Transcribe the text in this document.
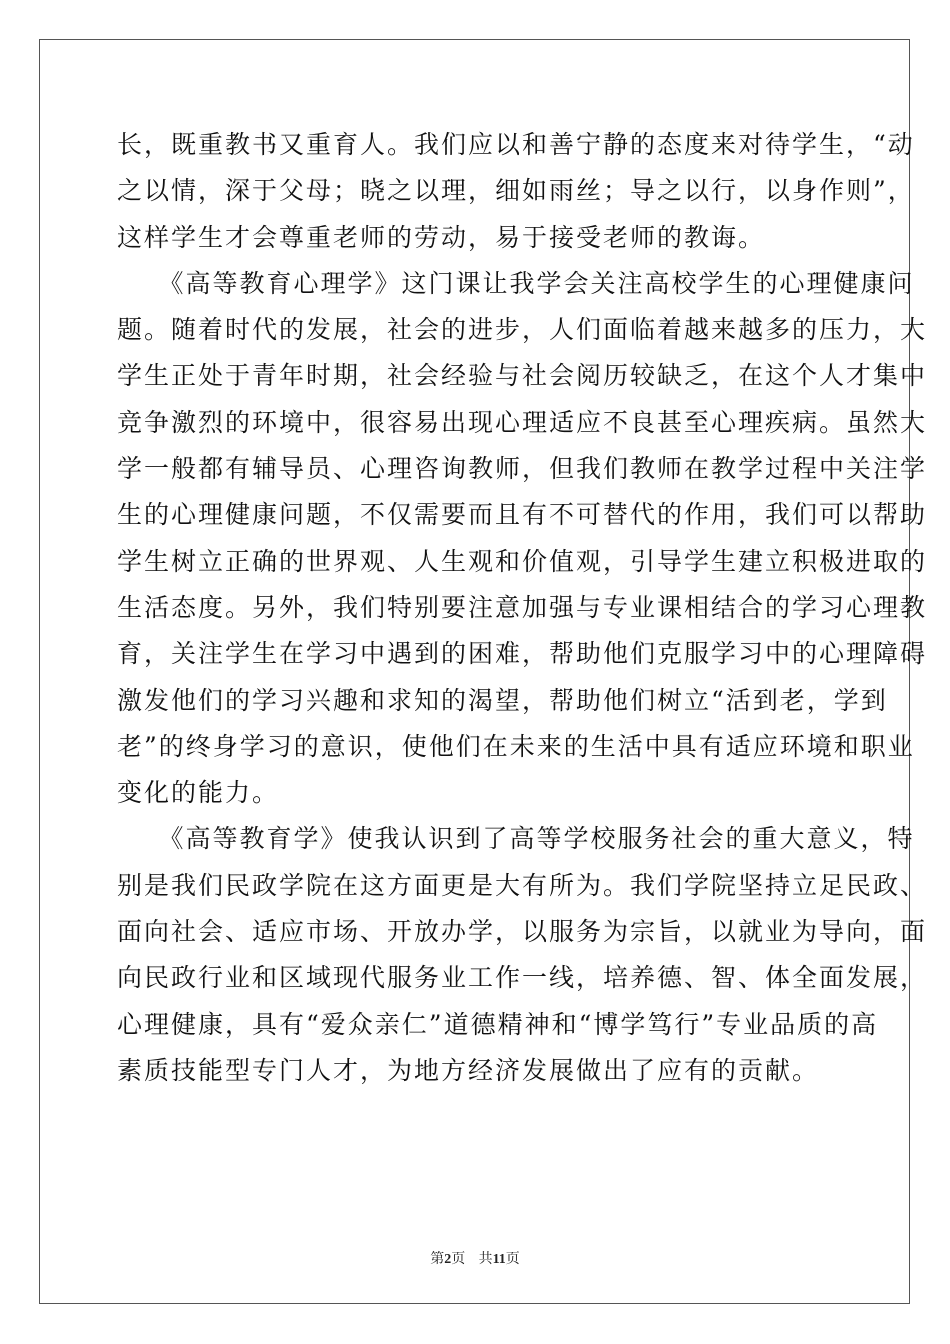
长，既重教书又重育人。我们应以和善宁静的态度来对待学生，“动
之以情，深于父母；晓之以理，细如雨丝；导之以行，以身作则”，
这样学生才会尊重老师的劳动，易于接受老师的教诲。
　　《高等教育心理学》这门课让我学会关注高校学生的心理健康问
题。随着时代的发展，社会的进步，人们面临着越来越多的压力，大
学生正处于青年时期，社会经验与社会阅历较缺乏，在这个人才集中
竞争激烈的环境中，很容易出现心理适应不良甚至心理疾病。虽然大
学一般都有辅导员、心理咨询教师，但我们教师在教学过程中关注学
生的心理健康问题，不仅需要而且有不可替代的作用，我们可以帮助
学生树立正确的世界观、人生观和价值观，引导学生建立积极进取的
生活态度。另外，我们特别要注意加强与专业课相结合的学习心理教
育，关注学生在学习中遇到的困难，帮助他们克服学习中的心理障碍
激发他们的学习兴趣和求知的渴望，帮助他们树立“活到老，学到
老”的终身学习的意识，使他们在未来的生活中具有适应环境和职业
变化的能力。
　　《高等教育学》使我认识到了高等学校服务社会的重大意义，特
别是我们民政学院在这方面更是大有所为。我们学院坚持立足民政、
面向社会、适应市场、开放办学，以服务为宗旨，以就业为导向，面
向民政行业和区域现代服务业工作一线，培养德、智、体全面发展，
心理健康，具有“爱众亲仁”道德精神和“博学笃行”专业品质的高
素质技能型专门人才，为地方经济发展做出了应有的贡献。
第2页 共11页
